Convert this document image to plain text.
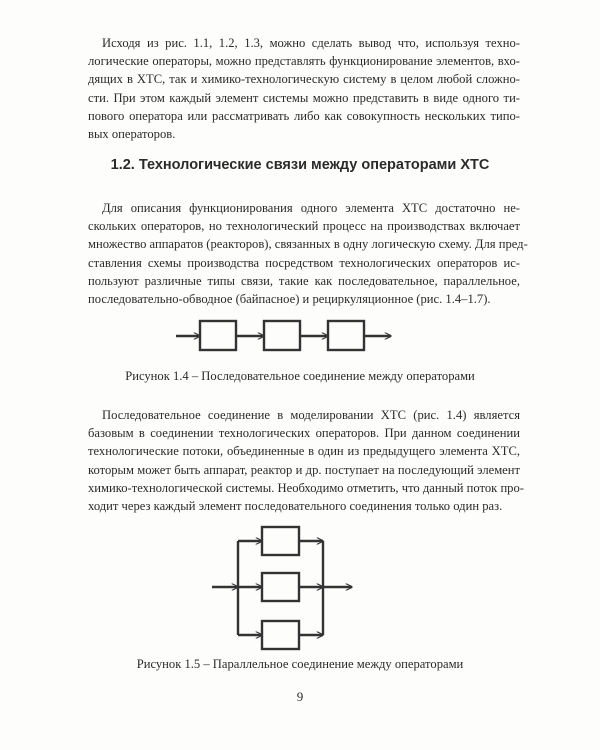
Исходя из рис. 1.1, 1.2, 1.3, можно сделать вывод что, используя техно-
логические операторы, можно представлять функционирование элементов, вхо-
дящих в ХТС, так и химико-технологическую систему в целом любой сложно-
сти. При этом каждый элемент системы можно представить в виде одного ти-
пового оператора или рассматривать либо как совокупность нескольких типо-
вых операторов.

1.2. Технологические связи между операторами ХТС

Для описания функционирования одного элемента ХТС достаточно не-
скольких операторов, но технологический процесс на производствах включает
множество аппаратов (реакторов), связанных в одну логическую схему. Для пред-
ставления схемы производства посредством технологических операторов ис-
пользуют различные типы связи, такие как последовательное, параллельное,
последовательно-обводное (байпасное) и рециркуляционное (рис. 1.4–1.7).

Рисунок 1.4 – Последовательное соединение между операторами

Последовательное соединение в моделировании ХТС (рис. 1.4) является
базовым в соединении технологических операторов. При данном соединении
технологические потоки, объединенные в один из предыдущего элемента ХТС,
которым может быть аппарат, реактор и др. поступает на последующий элемент
химико-технологической системы. Необходимо отметить, что данный поток про-
ходит через каждый элемент последовательного соединения только один раз.

Рисунок 1.5 – Параллельное соединение между операторами

9
